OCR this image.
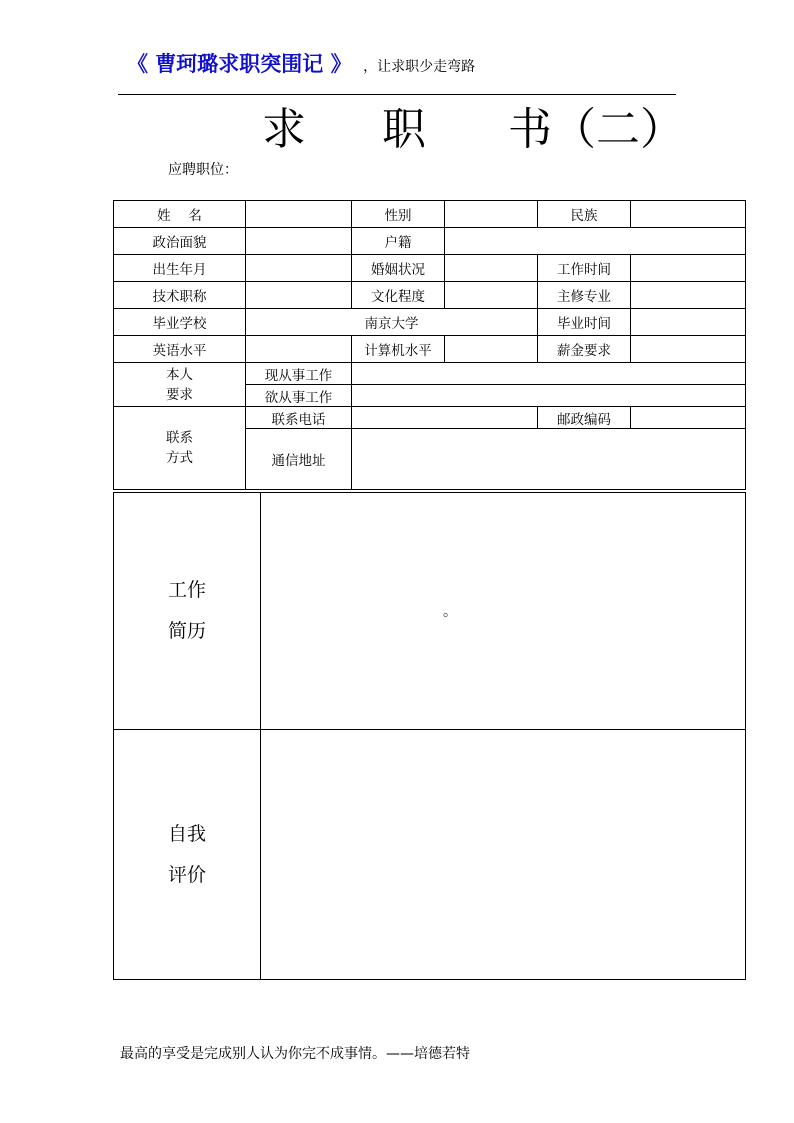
《 曹珂璐求职突围记 》 ，让求职少走弯路
求 职 书（二）
应聘职位：
姓　 名		性别		民族	
政治面貌		户籍			
出生年月		婚姻状况		工作时间	
技术职称		文化程度		主修专业	
毕业学校	南京大学			毕业时间	
英语水平		计算机水平		薪金要求	

本人
要求	现从事工作				
	欲从事工作				

联系
方式	联系电话			邮政编码	
	通信地址				
工作
简历	。

自我
评价	

最高的享受是完成别人认为你完不成事情。——培德若特
